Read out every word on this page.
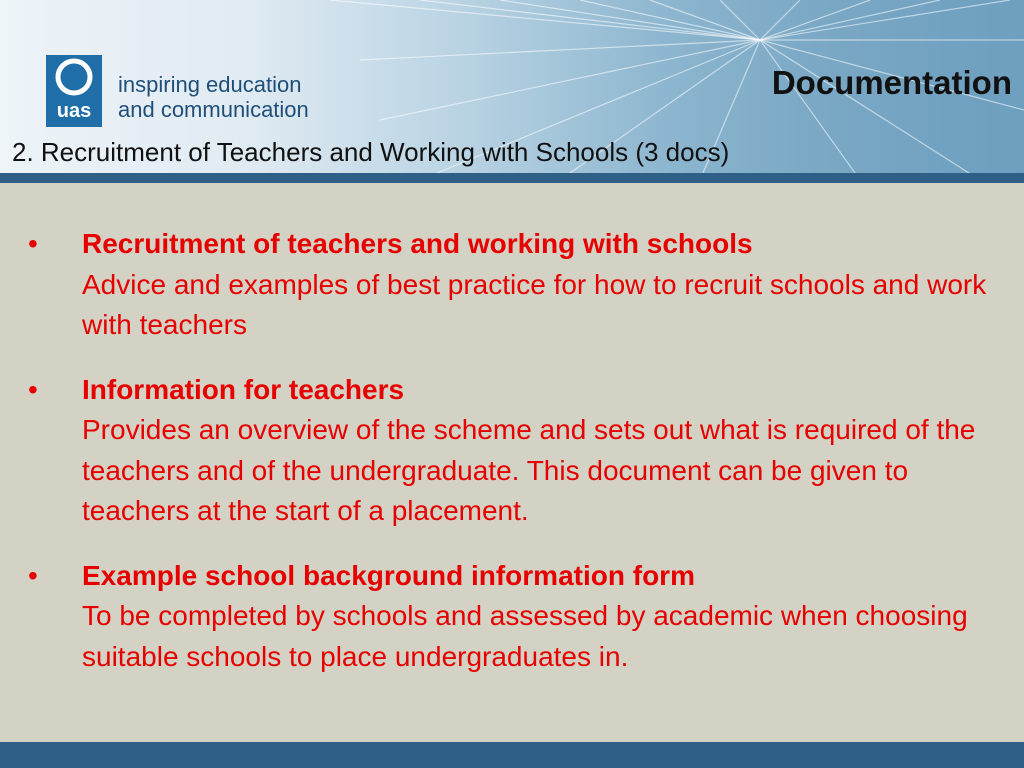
uas
inspiring education
and communication
Documentation
2. Recruitment of Teachers and Working with Schools (3 docs)
• Recruitment of teachers and working with schools
Advice and examples of best practice for how to recruit schools and work with teachers
• Information for teachers
Provides an overview of the scheme and sets out what is required of the teachers and of the undergraduate. This document can be given to teachers at the start of a placement.
• Example school background information form
To be completed by schools and assessed by academic when choosing suitable schools to place undergraduates in.
